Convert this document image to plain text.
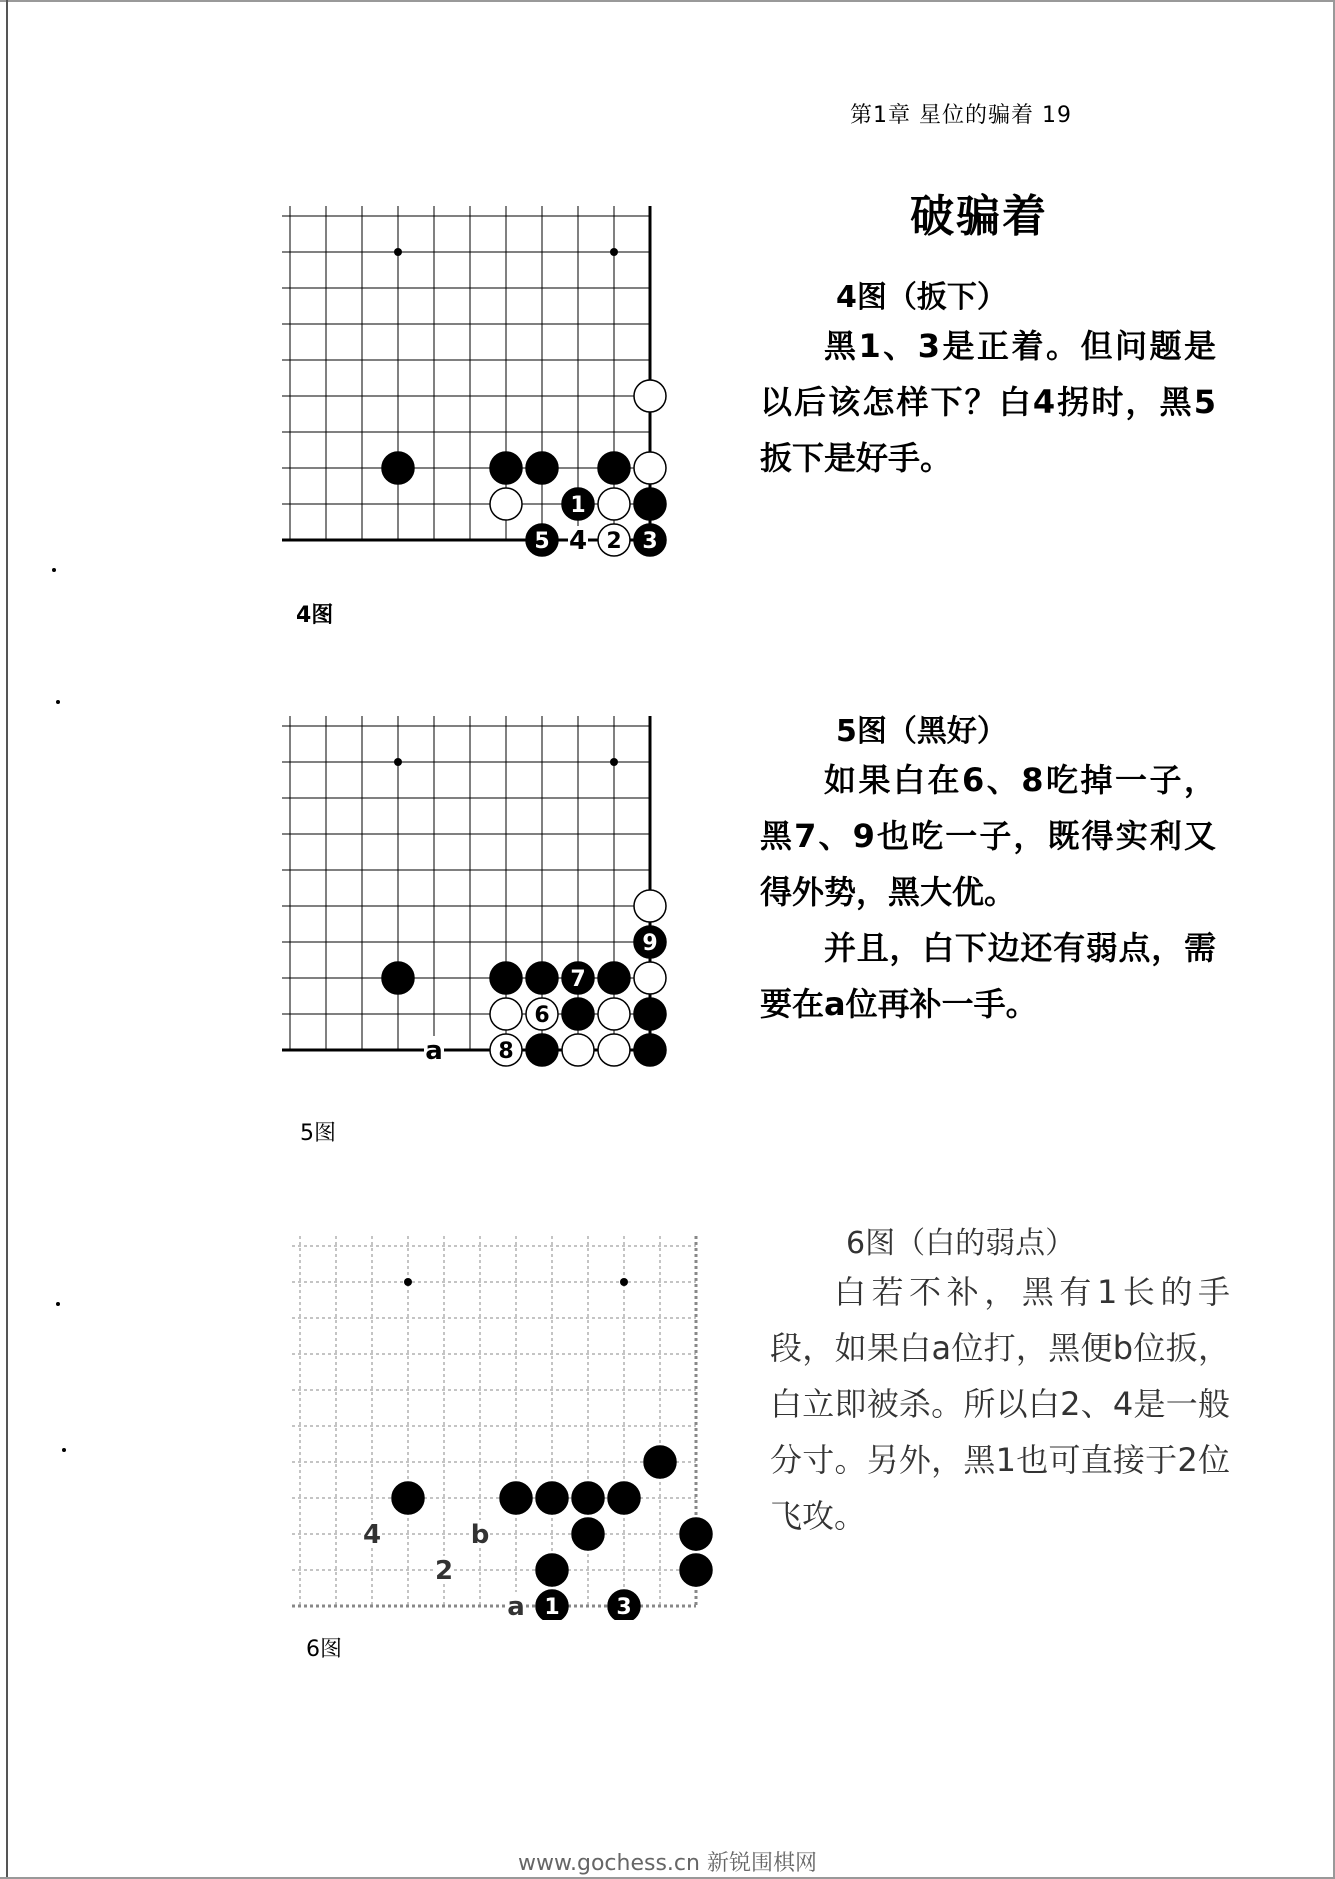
第1章 星位的骗着 19
破骗着
4
1
5	2 3
4图
4图（扳下）
黑1、3是正着。但问题是以后该怎样下？白4拐时，黑5扳下是好手。
a
9
7
6
8
5图
5图（黑好）
如果白在6、8吃掉一子，黑7、9也吃一子，既得实利又得外势，黑大优。
并且，白下边还有弱点，需要在a位再补一手。
4	b
2
a 1	3
6图
6图（白的弱点）
白若不补，黑有1长的手段，如果白a位打，黑便b位扳，白立即被杀。所以白2、4是一般分寸。另外，黑1也可直接于2位飞攻。
www.gochess.cn 新锐围棋网
